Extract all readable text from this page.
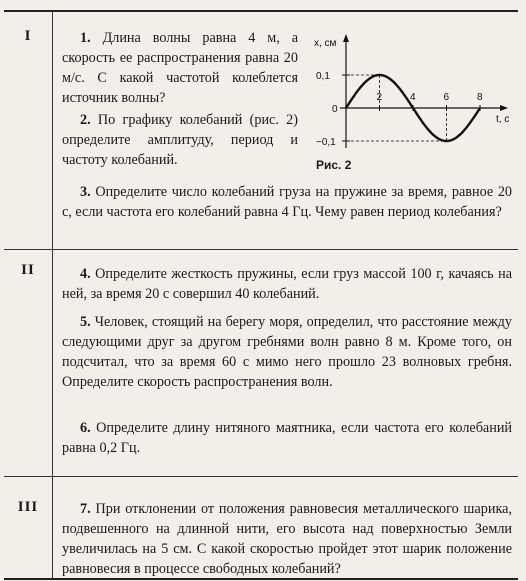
I	1. Длина волны равна 4 м, а скорость ее распространения равна 20 м/с. С какой частотой колеблется источник волны?

2. По графику колебаний (рис. 2) определите амплитуду, период и частоту колебаний.

x, см
t, c
0
0,1
−0,1
2	4	6	8
Рис. 2

3. Определите число колебаний груза на пружине за время, равное 20 с, если частота его колебаний равна 4 Гц. Чему равен период колебания?

II	4. Определите жесткость пружины, если груз массой 100 г, качаясь на ней, за время 20 с совершил 40 колебаний.

5. Человек, стоящий на берегу моря, определил, что расстояние между следующими друг за другом гребнями волн равно 8 м. Кроме того, он подсчитал, что за время 60 с мимо него прошло 23 волновых гребня. Определите скорость распространения волн.

6. Определите длину нитяного маятника, если частота его колебаний равна 0,2 Гц.

III	7. При отклонении от положения равновесия металлического шарика, подвешенного на длинной нити, его высота над поверхностью Земли увеличилась на 5 см. С какой скоростью пройдет этот шарик положение равновесия в процессе свободных колебаний?
